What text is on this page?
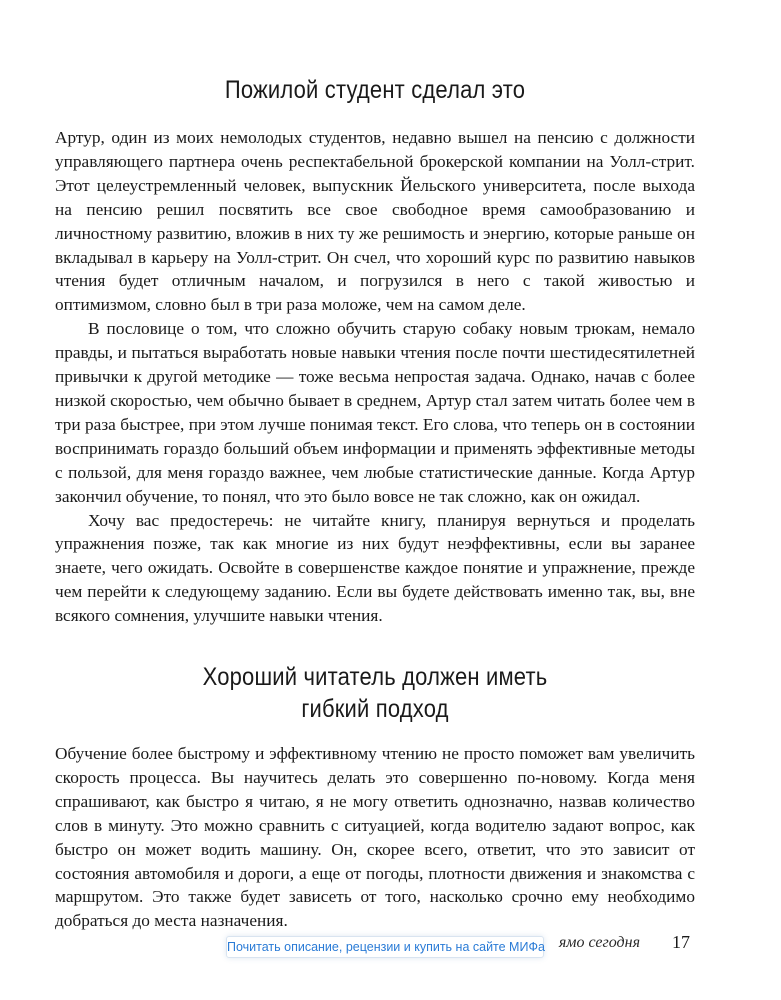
Пожилой студент сделал это

Артур, один из моих немолодых студентов, недавно вышел на пенсию с должности управляющего партнера очень респектабельной брокерской компании на Уолл-стрит. Этот целеустремленный человек, выпускник Йельского университета, после выхода на пенсию решил посвятить все свое свободное время самообразованию и личностному развитию, вложив в них ту же решимость и энергию, которые раньше он вкладывал в карьеру на Уолл-стрит. Он счел, что хороший курс по развитию навыков чтения будет отличным началом, и погрузился в него с такой живостью и оптимизмом, словно был в три раза моложе, чем на самом деле.

В пословице о том, что сложно обучить старую собаку новым трюкам, немало правды, и пытаться выработать новые навыки чтения после почти шестидесятилетней привычки к другой методике — тоже весьма непростая задача. Однако, начав с более низкой скоростью, чем обычно бывает в среднем, Артур стал затем читать более чем в три раза быстрее, при этом лучше понимая текст. Его слова, что теперь он в состоянии воспринимать гораздо больший объем информации и применять эффективные методы с пользой, для меня гораздо важнее, чем любые статистические данные. Когда Артур закончил обучение, то понял, что это было вовсе не так сложно, как он ожидал.

Хочу вас предостеречь: не читайте книгу, планируя вернуться и проделать упражнения позже, так как многие из них будут неэффективны, если вы заранее знаете, чего ожидать. Освойте в совершенстве каждое понятие и упражнение, прежде чем перейти к следующему заданию. Если вы будете действовать именно так, вы, вне всякого сомнения, улучшите навыки чтения.

Хороший читатель должен иметь
гибкий подход

Обучение более быстрому и эффективному чтению не просто поможет вам увеличить скорость процесса. Вы научитесь делать это совершенно по-новому. Когда меня спрашивают, как быстро я читаю, я не могу ответить однозначно, назвав количество слов в минуту. Это можно сравнить с ситуацией, когда водителю задают вопрос, как быстро он может водить машину. Он, скорее всего, ответит, что это зависит от состояния автомобиля и дороги, а еще от погоды, плотности движения и знакомства с маршрутом. Это также будет зависеть от того, насколько срочно ему необходимо добраться до места назначения.

ямо сегодня
Почитать описание, рецензии и купить на сайте МИФа	17
